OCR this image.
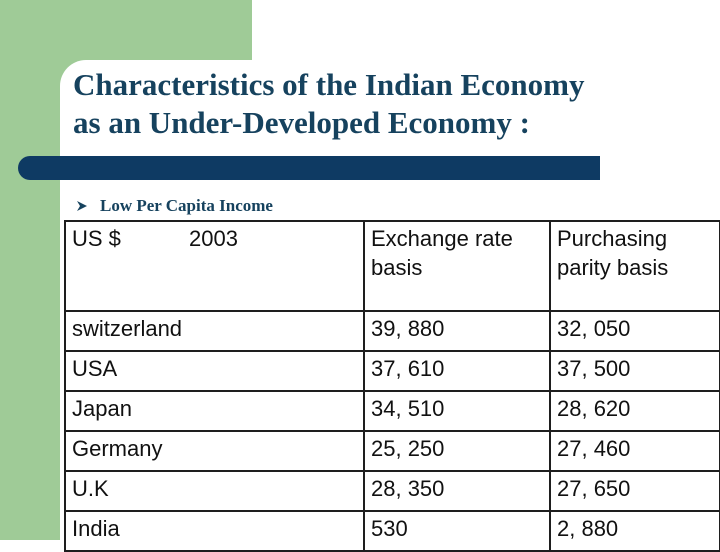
Characteristics of the Indian Economy
as an Under-Developed Economy :
Low Per Capita Income
US $ 2003	Exchange rate basis	Purchasing parity basis
switzerland	39, 880	32, 050
USA	37, 610	37, 500
Japan	34, 510	28, 620
Germany	25, 250	27, 460
U.K	28, 350	27, 650
India	530	2, 880
